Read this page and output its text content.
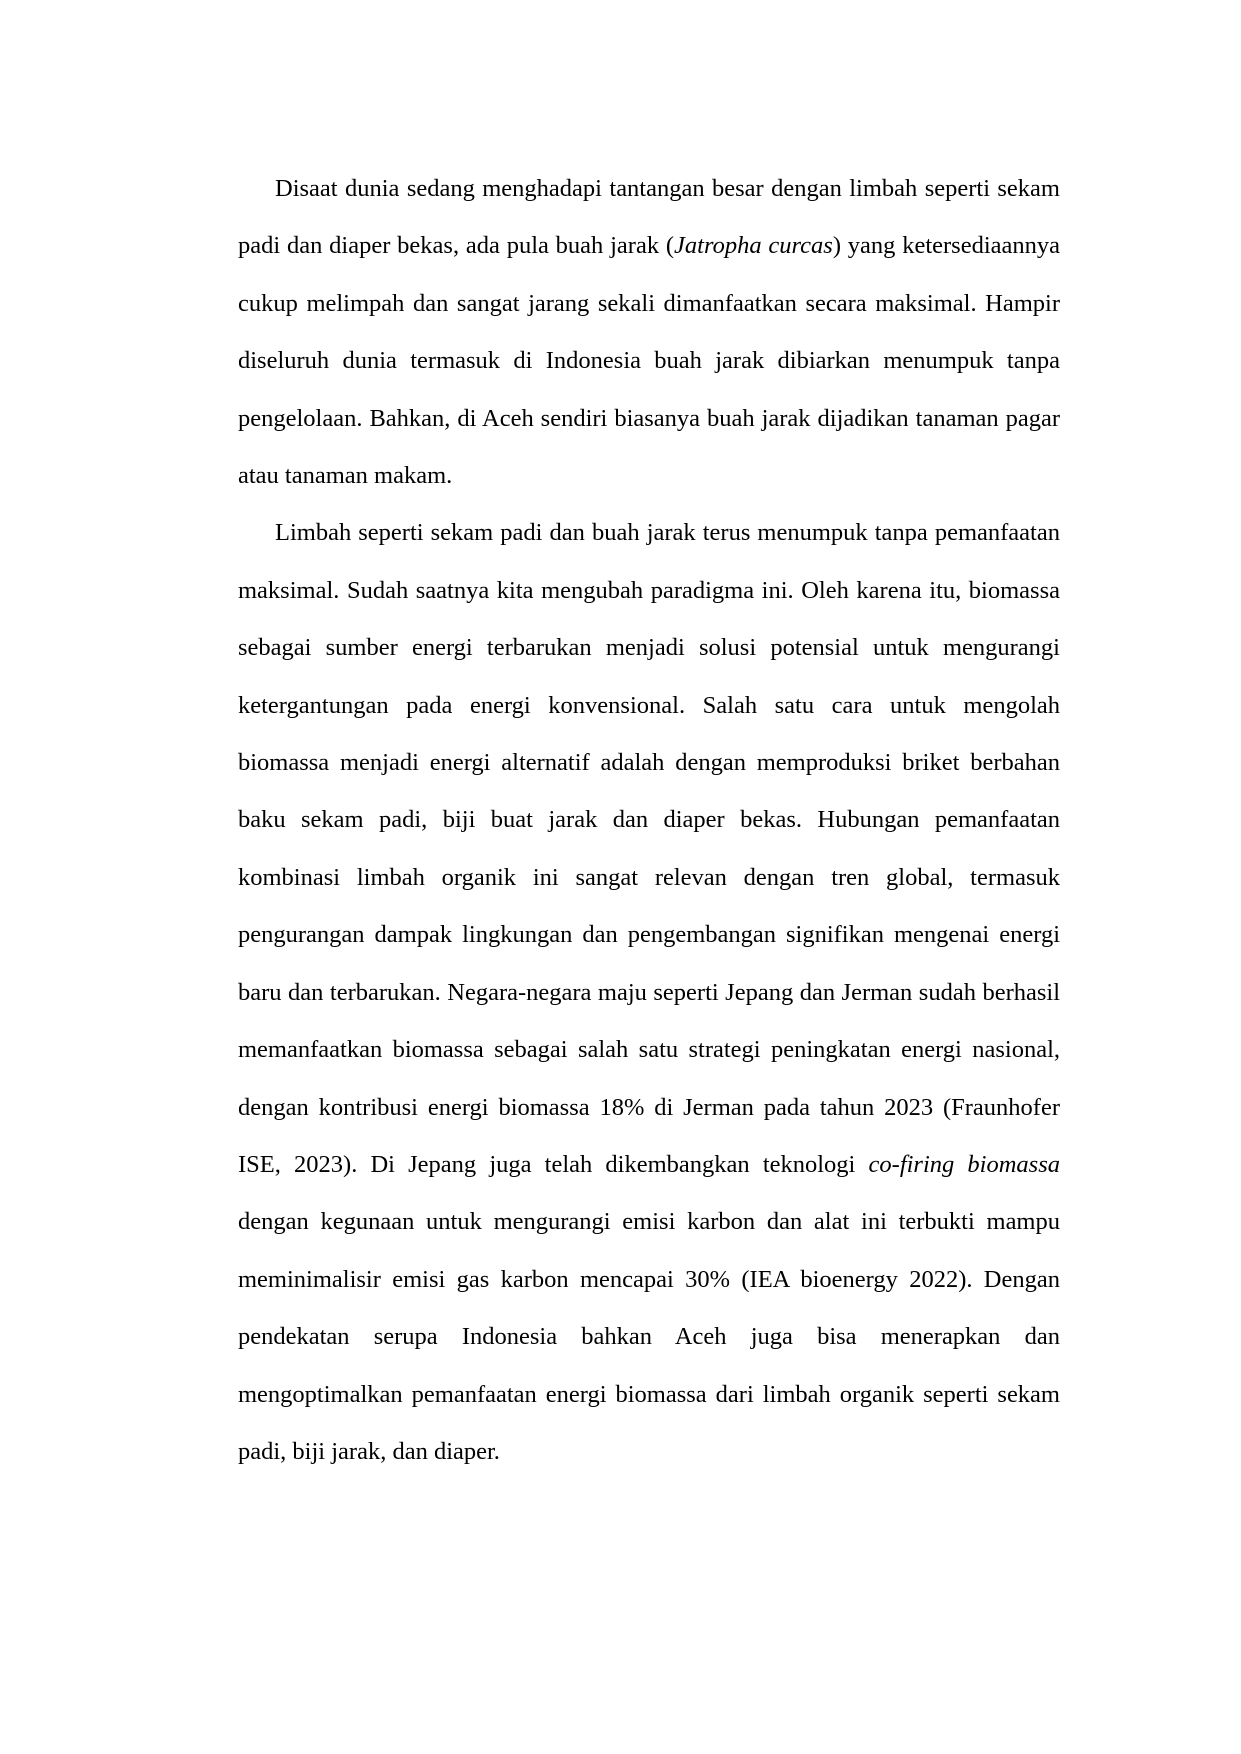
Disaat dunia sedang menghadapi tantangan besar dengan limbah seperti sekam padi dan diaper bekas, ada pula buah jarak (Jatropha curcas) yang ketersediaannya cukup melimpah dan sangat jarang sekali dimanfaatkan secara maksimal. Hampir diseluruh dunia termasuk di Indonesia buah jarak dibiarkan menumpuk tanpa pengelolaan. Bahkan, di Aceh sendiri biasanya buah jarak dijadikan tanaman pagar atau tanaman makam.

Limbah seperti sekam padi dan buah jarak terus menumpuk tanpa pemanfaatan maksimal. Sudah saatnya kita mengubah paradigma ini. Oleh karena itu, biomassa sebagai sumber energi terbarukan menjadi solusi potensial untuk mengurangi ketergantungan pada energi konvensional. Salah satu cara untuk mengolah biomassa menjadi energi alternatif adalah dengan memproduksi briket berbahan baku sekam padi, biji buat jarak dan diaper bekas. Hubungan pemanfaatan kombinasi limbah organik ini sangat relevan dengan tren global, termasuk pengurangan dampak lingkungan dan pengembangan signifikan mengenai energi baru dan terbarukan. Negara-negara maju seperti Jepang dan Jerman sudah berhasil memanfaatkan biomassa sebagai salah satu strategi peningkatan energi nasional, dengan kontribusi energi biomassa 18% di Jerman pada tahun 2023 (Fraunhofer ISE, 2023). Di Jepang juga telah dikembangkan teknologi co-firing biomassa dengan kegunaan untuk mengurangi emisi karbon dan alat ini terbukti mampu meminimalisir emisi gas karbon mencapai 30% (IEA bioenergy 2022). Dengan pendekatan serupa Indonesia bahkan Aceh juga bisa menerapkan dan mengoptimalkan pemanfaatan energi biomassa dari limbah organik seperti sekam padi, biji jarak, dan diaper.
